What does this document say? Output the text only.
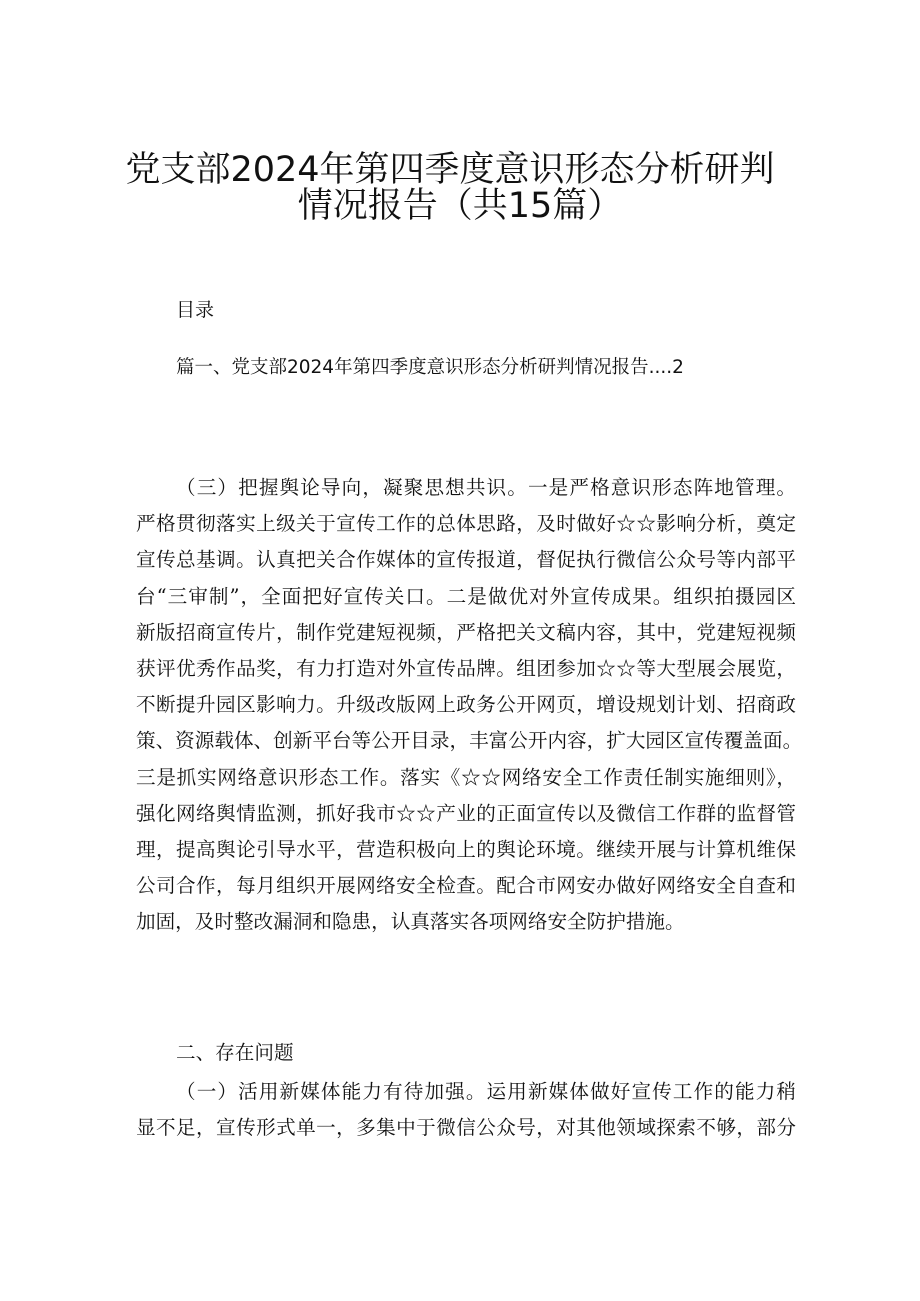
党支部2024年第四季度意识形态分析研判
情况报告（共15篇）
目录
篇一、党支部2024年第四季度意识形态分析研判情况报告....2
（三）把握舆论导向，凝聚思想共识。一是严格意识形态阵地管理。
严格贯彻落实上级关于宣传工作的总体思路，及时做好☆☆影响分析，奠定
宣传总基调。认真把关合作媒体的宣传报道，督促执行微信公众号等内部平
台“三审制”，全面把好宣传关口。二是做优对外宣传成果。组织拍摄园区
新版招商宣传片，制作党建短视频，严格把关文稿内容，其中，党建短视频
获评优秀作品奖，有力打造对外宣传品牌。组团参加☆☆等大型展会展览，
不断提升园区影响力。升级改版网上政务公开网页，增设规划计划、招商政
策、资源载体、创新平台等公开目录，丰富公开内容，扩大园区宣传覆盖面。
三是抓实网络意识形态工作。落实《☆☆网络安全工作责任制实施细则》，
强化网络舆情监测，抓好我市☆☆产业的正面宣传以及微信工作群的监督管
理，提高舆论引导水平，营造积极向上的舆论环境。继续开展与计算机维保
公司合作，每月组织开展网络安全检查。配合市网安办做好网络安全自查和
加固，及时整改漏洞和隐患，认真落实各项网络安全防护措施。
二、存在问题
（一）活用新媒体能力有待加强。运用新媒体做好宣传工作的能力稍
显不足，宣传形式单一，多集中于微信公众号，对其他领域探索不够，部分
